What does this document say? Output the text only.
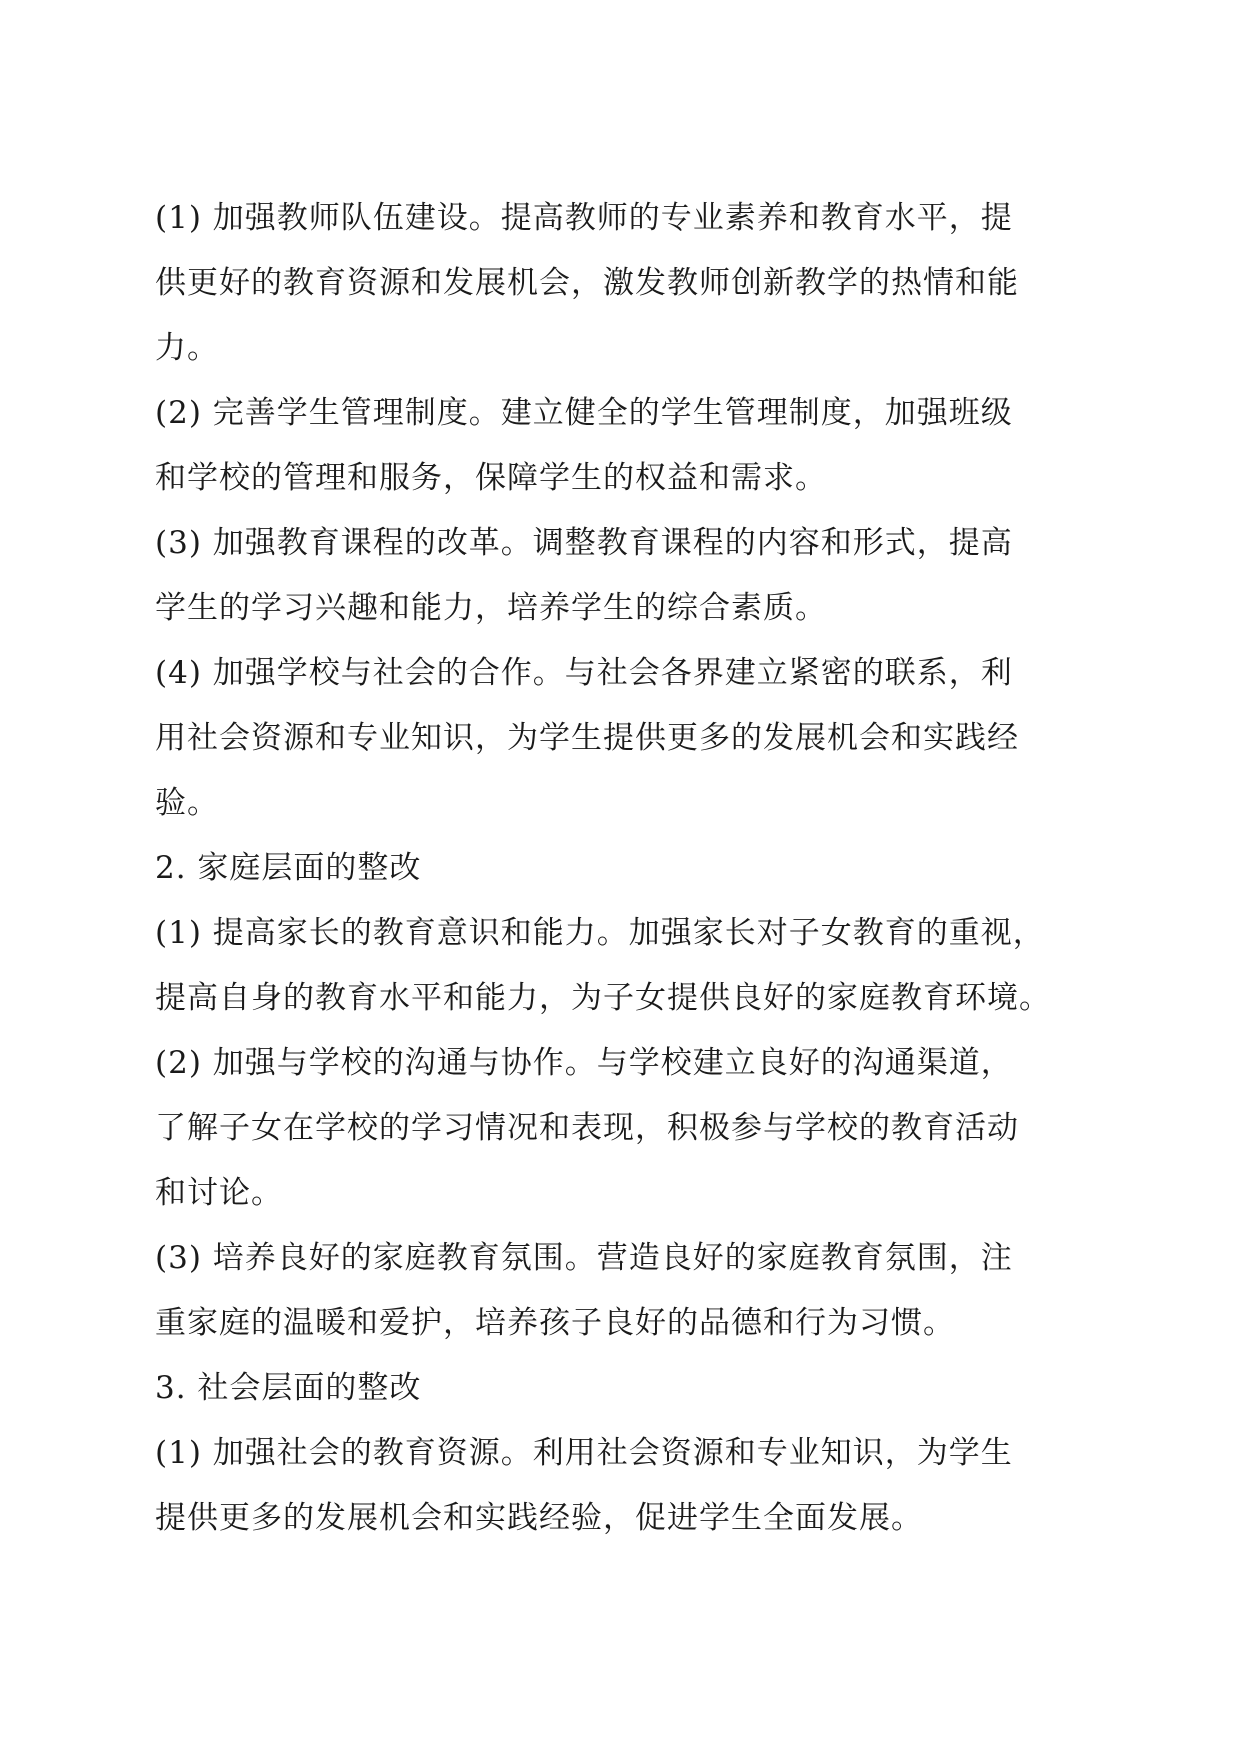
(1) 加强教师队伍建设。提高教师的专业素养和教育水平，提
供更好的教育资源和发展机会，激发教师创新教学的热情和能
力。

(2) 完善学生管理制度。建立健全的学生管理制度，加强班级
和学校的管理和服务，保障学生的权益和需求。

(3) 加强教育课程的改革。调整教育课程的内容和形式，提高
学生的学习兴趣和能力，培养学生的综合素质。

(4) 加强学校与社会的合作。与社会各界建立紧密的联系，利
用社会资源和专业知识，为学生提供更多的发展机会和实践经
验。

2. 家庭层面的整改

(1) 提高家长的教育意识和能力。加强家长对子女教育的重视，
提高自身的教育水平和能力，为子女提供良好的家庭教育环境。

(2) 加强与学校的沟通与协作。与学校建立良好的沟通渠道，
了解子女在学校的学习情况和表现，积极参与学校的教育活动
和讨论。

(3) 培养良好的家庭教育氛围。营造良好的家庭教育氛围，注
重家庭的温暖和爱护，培养孩子良好的品德和行为习惯。

3. 社会层面的整改

(1) 加强社会的教育资源。利用社会资源和专业知识，为学生
提供更多的发展机会和实践经验，促进学生全面发展。
